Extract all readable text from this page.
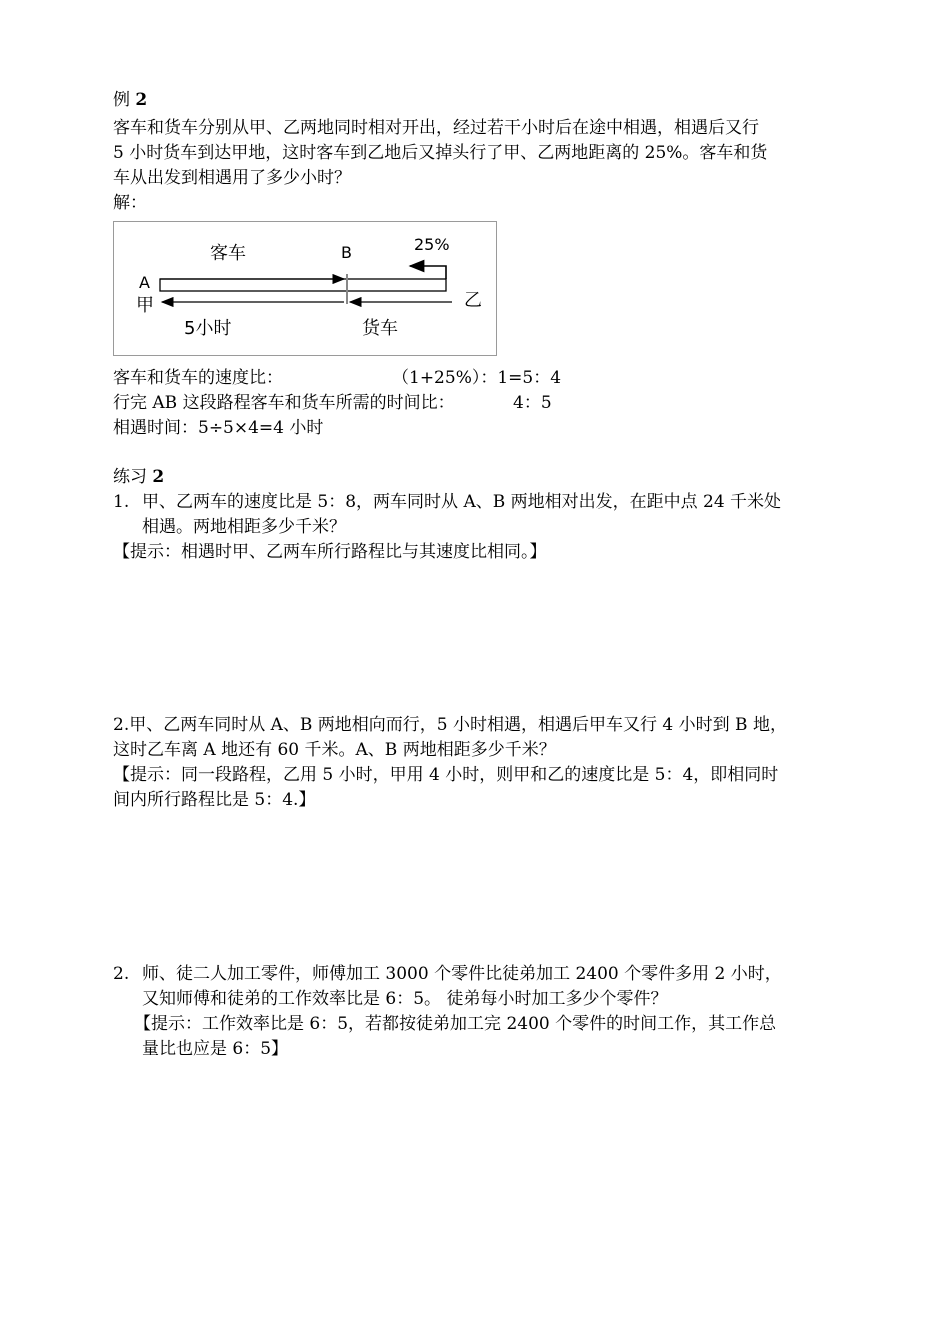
例 2
客车和货车分别从甲、乙两地同时相对开出，经过若干小时后在途中相遇，相遇后又行
5 小时货车到达甲地，这时客车到乙地后又掉头行了甲、乙两地距离的 25%。客车和货
车从出发到相遇用了多少小时？
解：
客车	B	25%
A
甲	乙
5小时	货车
客车和货车的速度比：	（1+25%）：1=5：4
行完 AB 这段路程客车和货车所需的时间比：	4：5
相遇时间：5÷5×4=4 小时
练习 2
1. 甲、乙两车的速度比是 5：8，两车同时从 A、B 两地相对出发，在距中点 24 千米处
相遇。两地相距多少千米？
【提示：相遇时甲、乙两车所行路程比与其速度比相同。】
2.甲、乙两车同时从 A、B 两地相向而行，5 小时相遇，相遇后甲车又行 4 小时到 B 地，
这时乙车离 A 地还有 60 千米。A、B 两地相距多少千米？
【提示：同一段路程，乙用 5 小时，甲用 4 小时，则甲和乙的速度比是 5：4，即相同时
间内所行路程比是 5：4.】
2. 师、徒二人加工零件，师傅加工 3000 个零件比徒弟加工 2400 个零件多用 2 小时，
又知师傅和徒弟的工作效率比是 6：5。 徒弟每小时加工多少个零件？
【提示：工作效率比是 6：5，若都按徒弟加工完 2400 个零件的时间工作，其工作总
量比也应是 6：5】
